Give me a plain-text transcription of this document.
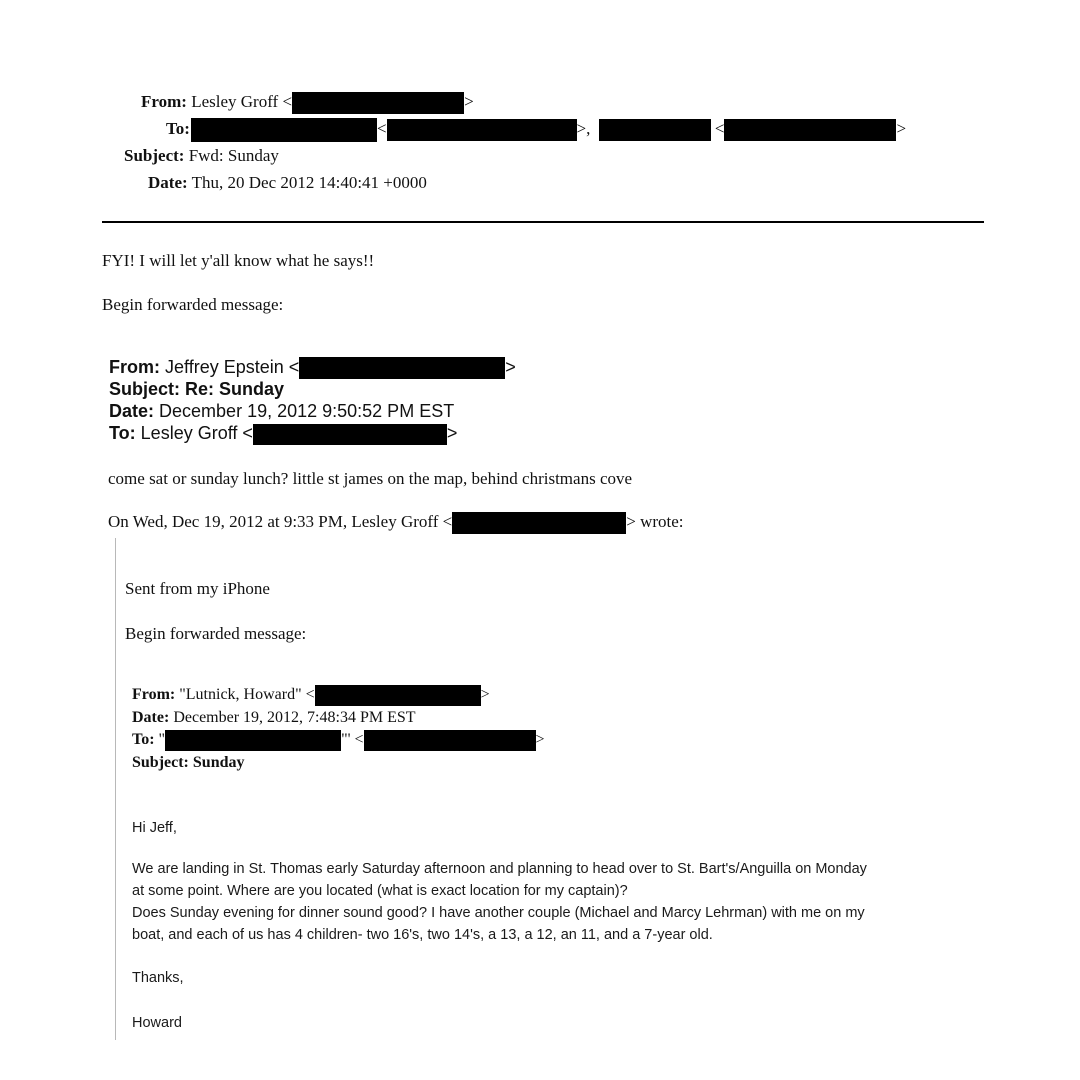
From: Lesley Groff <	>
To:	<	>,	<	>
Subject: Fwd: Sunday
Date: Thu, 20 Dec 2012 14:40:41 +0000
FYI! I will let y'all know what he says!!
Begin forwarded message:
From: Jeffrey Epstein <	>
Subject: Re: Sunday
Date: December 19, 2012 9:50:52 PM EST
To: Lesley Groff <	>
come sat or sunday lunch? little st james on the map, behind christmans cove
On Wed, Dec 19, 2012 at 9:33 PM, Lesley Groff <	> wrote:
Sent from my iPhone
Begin forwarded message:
From: "Lutnick, Howard" <	>
Date: December 19, 2012, 7:48:34 PM EST
To: "	"' <	>
Subject: Sunday
Hi Jeff,
We are landing in St. Thomas early Saturday afternoon and planning to head over to St. Bart's/Anguilla on Monday
at some point. Where are you located (what is exact location for my captain)?
Does Sunday evening for dinner sound good? I have another couple (Michael and Marcy Lehrman) with me on my
boat, and each of us has 4 children- two 16's, two 14's, a 13, a 12, an 11, and a 7-year old.
Thanks,
Howard
